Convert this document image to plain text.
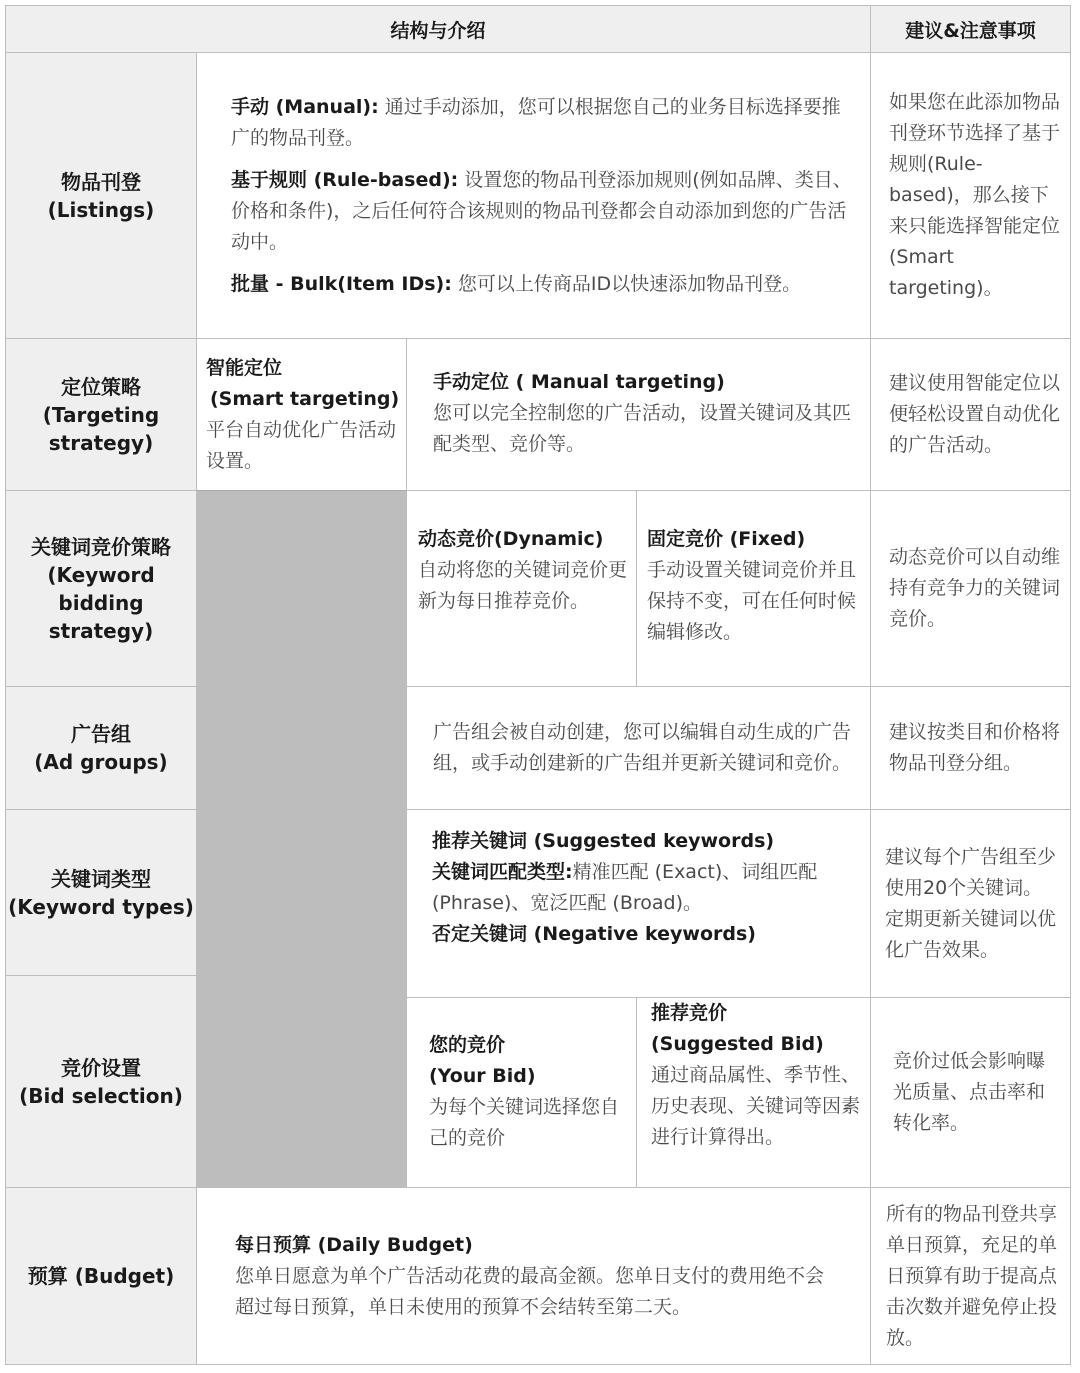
结构与介绍	建议&注意事项
物品刊登
(Listings)

手动 (Manual): 通过手动添加，您可以根据您自己的业务目标选择要推广的物品刊登。

基于规则 (Rule-based): 设置您的物品刊登添加规则(例如品牌、类目、价格和条件)，之后任何符合该规则的物品刊登都会自动添加到您的广告活动中。

批量 - Bulk(Item IDs): 您可以上传商品ID以快速添加物品刊登。

如果您在此添加物品刊登环节选择了基于规则(Rule-based)，那么接下来只能选择智能定位(Smart targeting)。

定位策略
(Targeting
strategy)

智能定位

(Smart targeting)

平台自动优化广告活动设置。

手动定位 ( Manual targeting)

您可以完全控制您的广告活动，设置关键词及其匹配类型、竞价等。

建议使用智能定位以便轻松设置自动优化的广告活动。

关键词竞价策略
(Keyword
bidding
strategy)

动态竞价(Dynamic)

自动将您的关键词竞价更新为每日推荐竞价。

固定竞价 (Fixed)

手动设置关键词竞价并且保持不变，可在任何时候编辑修改。

动态竞价可以自动维持有竞争力的关键词竞价。

广告组
(Ad groups)

广告组会被自动创建，您可以编辑自动生成的广告组，或手动创建新的广告组并更新关键词和竞价。

建议按类目和价格将物品刊登分组。

关键词类型
(Keyword types)

推荐关键词 (Suggested keywords)

关键词匹配类型:精准匹配 (Exact)、词组匹配 (Phrase)、宽泛匹配 (Broad)。

否定关键词 (Negative keywords)

建议每个广告组至少使用20个关键词。

定期更新关键词以优化广告效果。

竞价设置
(Bid selection)

您的竞价

(Your Bid)

为每个关键词选择您自己的竞价

推荐竞价

(Suggested Bid)

通过商品属性、季节性、历史表现、关键词等因素进行计算得出。

竞价过低会影响曝光质量、点击率和转化率。

预算 (Budget)

每日预算 (Daily Budget)

您单日愿意为单个广告活动花费的最高金额。您单日支付的费用绝不会超过每日预算，单日未使用的预算不会结转至第二天。

所有的物品刊登共享单日预算，充足的单日预算有助于提高点击次数并避免停止投放。
